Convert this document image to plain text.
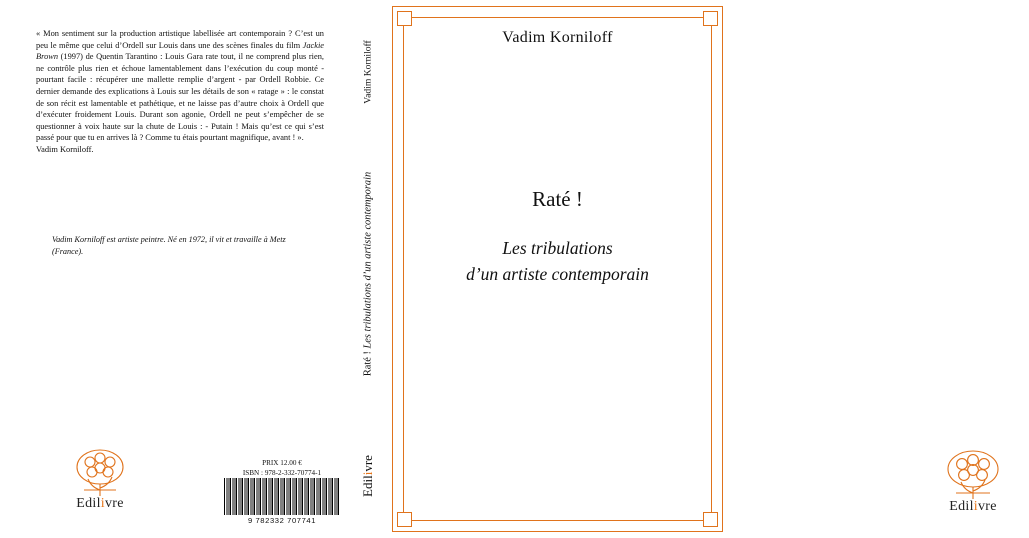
« Mon sentiment sur la production artistique labellisée art contemporain ? C’est un peu le même que celui d’Ordell sur Louis dans une des scènes finales du film Jackie Brown (1997) de Quentin Tarantino : Louis Gara rate tout, il ne comprend plus rien, ne contrôle plus rien et échoue lamentablement dans l’exécution du coup monté - pourtant facile : récupérer une mallette remplie d’argent - par Ordell Robbie. Ce dernier demande des explications à Louis sur les détails de son « ratage » : le constat de son récit est lamentable et pathétique, et ne laisse pas d’autre choix à Ordell que d’exécuter froidement Louis. Durant son agonie, Ordell ne peut s’empêcher de se questionner à voix haute sur la chute de Louis : - Putain ! Mais qu’est ce qui s’est passé pour que tu en arrives là ? Comme tu étais pourtant magnifique, avant ! ».
Vadim Korniloff.
Vadim Korniloff est artiste peintre. Né en 1972, il vit et travaille à Metz (France).
Edilivre
PRIX 12.00 €
ISBN : 978-2-332-70774-1
9 782332 707741
Vadim Korniloff
Raté ! Les tribulations d’un artiste contemporain
Edilivre
Vadim Korniloff
Raté !
Les tribulations
d’un artiste contemporain
Edilivre
